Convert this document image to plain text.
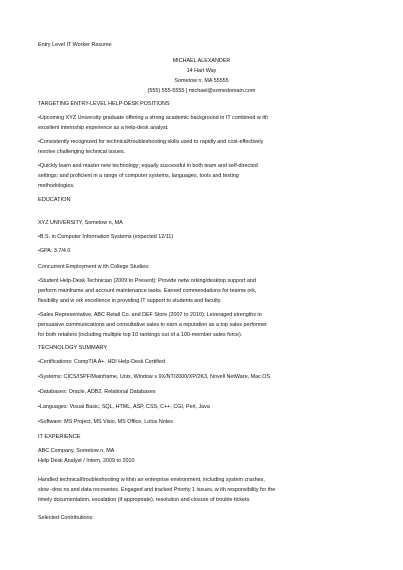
Entry Level IT Worker Resume
MICHAEL ALEXANDER
14 Hart Way
Sometow n, MA 55555
(555) 555-5555 | michael@somedomain.com
TARGETING ENTRY-LEVEL HELP-DESK POSITIONS
•Upcoming XYZ University graduate offering a strong academic background in IT combined w ith
excellent internship experience as a help-desk analyst.
•Consistently recognized for technical/troubleshooting skills used to rapidly and cost-effectively
resolve challenging technical issues.
•Quickly learn and master new technology; equally successful in both team and self-directed
settings; and proficient in a range of computer systems, languages, tools and testing
methodologies.
EDUCATION
XYZ UNIVERSITY, Sometow n, MA
•B.S. in Computer Information Systems (expected 12/11)
•GPA: 3.7/4.0
Concurrent Employment w ith College Studies:
•Student Help-Desk Technician (2009 to Present): Provide netw orking/desktop support and
perform mainframe and account maintenance tasks. Earned commendations for teamw ork,
flexibility and w ork excellence in providing IT support to students and faculty.
•Sales Representative, ABC Retail Co. and DEF Store (2007 to 2010): Leveraged strengths in
persuasive communications and consultative sales to earn a reputation as a top sales performer
for both retailers (including multiple top 10 rankings out of a 100-member sales force).
TECHNOLOGY SUMMARY
•Certifications: CompTIA A+, HDI Help-Desk Certified
•Systems: CICS/ISPF/Mainframe, Unix, Window s 9X/NT/2000/XP/2K3, Novell NetWare, Mac OS
•Databases: Oracle, ADB2, Relational Databases
•Languages: Visual Basic, SQL, HTML, ASP, CSS, C++, CGI, Perl, Java
•Software: MS Project, MS Visio, MS Office, Lotus Notes
IT EXPERIENCE
ABC Company, Sometow n, MA
Help Desk Analyst / Intern, 2009 to 2010
Handled technical/troubleshooting w ithin an enterprise environment, including system crashes,
slow -dow ns and data recoveries. Engaged and tracked Priority 1 issues, w ith responsibility for the
timely documentation, escalation (if appropriate), resolution and closure of trouble tickets.
Selected Contributions:
